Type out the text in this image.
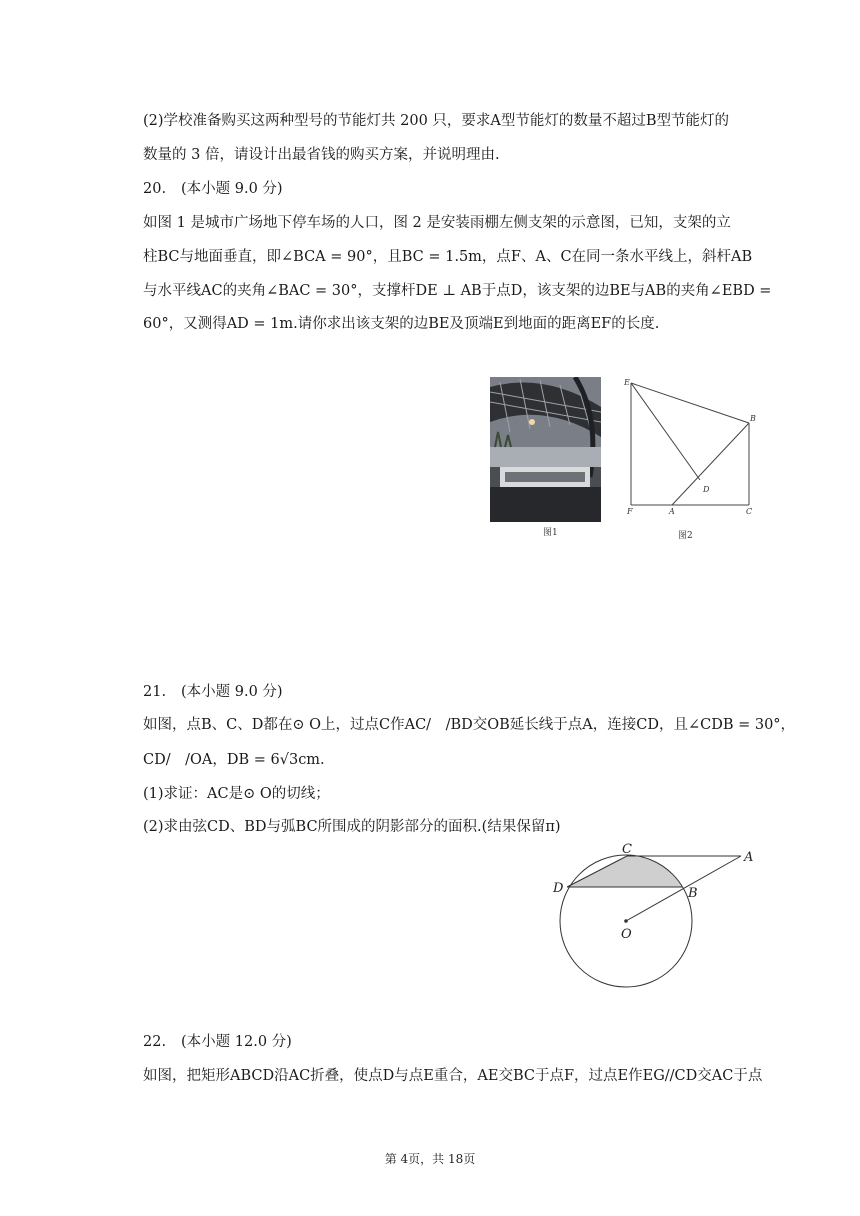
(2)学校准备购买这两种型号的节能灯共 200 只，要求A型节能灯的数量不超过B型节能灯的
数量的 3 倍，请设计出最省钱的购买方案，并说明理由.
20. (本小题 9.0 分)
如图 1 是城市广场地下停车场的人口，图 2 是安装雨棚左侧支架的示意图，已知，支架的立
柱BC与地面垂直，即∠BCA = 90°，且BC = 1.5m，点F、A、C在同一条水平线上，斜杆AB
与水平线AC的夹角∠BAC = 30°，支撑杆DE ⊥ AB于点D，该支架的边BE与AB的夹角∠EBD =
60°，又测得AD = 1m.请你求出该支架的边BE及顶端E到地面的距离EF的长度.
图1
E
B
D
F	A	C
图2
21. (本小题 9.0 分)
如图，点B、C、D都在⊙ O上，过点C作AC/　/BD交OB延长线于点A，连接CD，且∠CDB = 30°，
CD/　/OA，DB = 6√3cm.
(1)求证：AC是⊙ O的切线；
(2)求由弦CD、BD与弧BC所围成的阴影部分的面积.(结果保留π)
C
A
D	B
O
22. (本小题 12.0 分)
如图，把矩形ABCD沿AC折叠，使点D与点E重合，AE交BC于点F，过点E作EG//CD交AC于点
第 4页，共 18页
